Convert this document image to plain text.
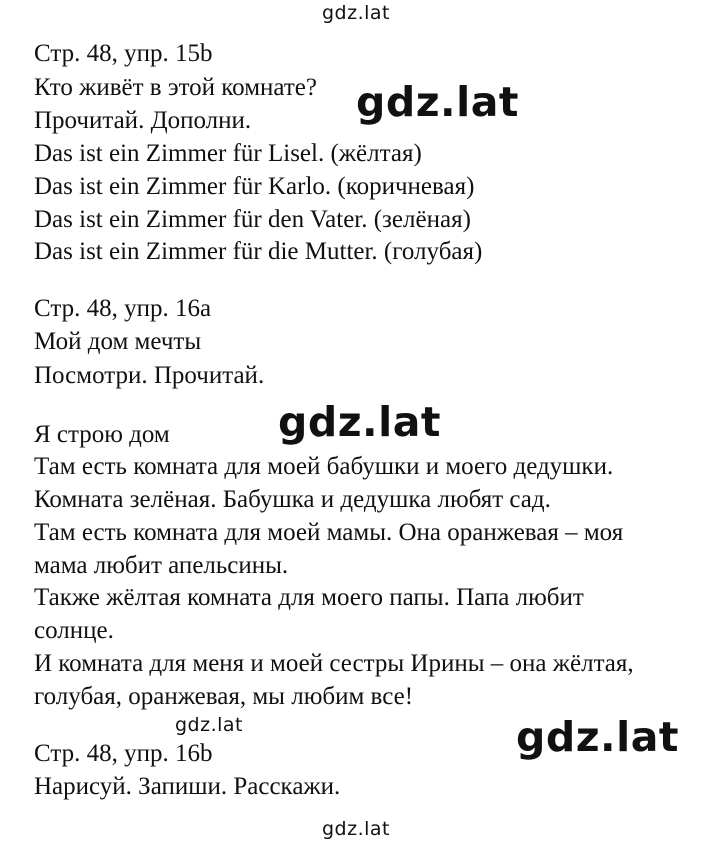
gdz.lat
gdz.lat
gdz.lat
gdz.lat	gdz.lat
gdz.lat
Стр. 48, упр. 15b
Кто живёт в этой комнате?
Прочитай. Дополни.
Das ist ein Zimmer für Lisel. (жёлтая)
Das ist ein Zimmer für Karlo. (коричневая)
Das ist ein Zimmer für den Vater. (зелёная)
Das ist ein Zimmer für die Mutter. (голубая)
Стр. 48, упр. 16а
Мой дом мечты
Посмотри. Прочитай.
Я строю дом
Там есть комната для моей бабушки и моего дедушки.
Комната зелёная. Бабушка и дедушка любят сад.
Там есть комната для моей мамы. Она оранжевая – моя
мама любит апельсины.
Также жёлтая комната для моего папы. Папа любит
солнце.
И комната для меня и моей сестры Ирины – она жёлтая,
голубая, оранжевая, мы любим все!
Стр. 48, упр. 16b
Нарисуй. Запиши. Расскажи.
